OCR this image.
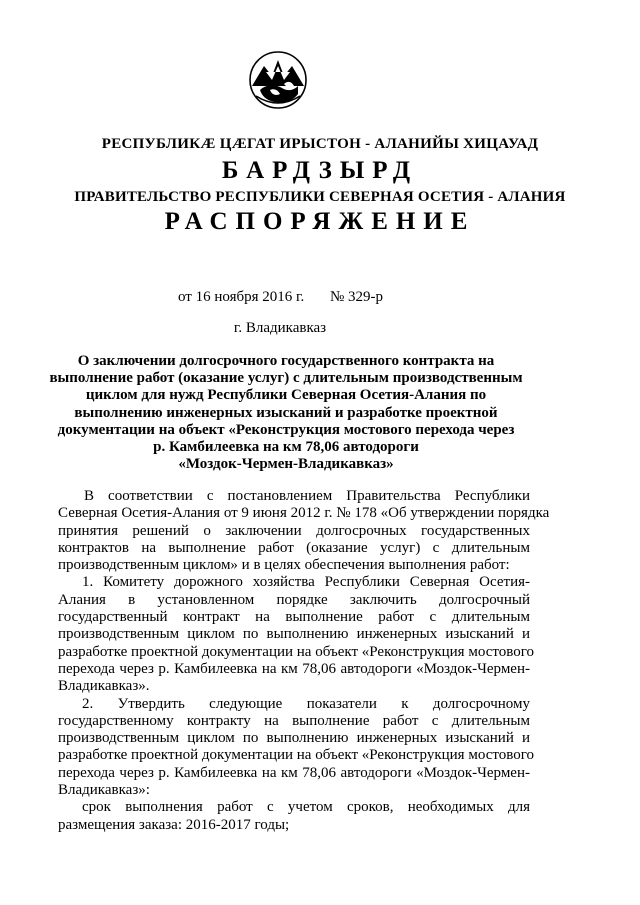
РЕСПУБЛИКÆ ЦÆГАТ ИРЫСТОН - АЛАНИЙЫ ХИЦАУАД
БАРДЗЫРД
ПРАВИТЕЛЬСТВО РЕСПУБЛИКИ СЕВЕРНАЯ ОСЕТИЯ - АЛАНИЯ
РАСПОРЯЖЕНИЕ
от 16 ноября 2016 г. № 329-р
г. Владикавказ
О заключении долгосрочного государственного контракта на
выполнение работ (оказание услуг) с длительным производственным
циклом для нужд Республики Северная Осетия-Алания по
выполнению инженерных изысканий и разработке проектной
документации на объект «Реконструкция мостового перехода через
р. Камбилеевка на км 78,06 автодороги
«Моздок-Чермен-Владикавказ»
В соответствии с постановлением Правительства Республики
Северная Осетия-Алания от 9 июня 2012 г. № 178 «Об утверждении порядка
принятия решений о заключении долгосрочных государственных
контрактов на выполнение работ (оказание услуг) с длительным
производственным циклом» и в целях обеспечения выполнения работ:
1. Комитету дорожного хозяйства Республики Северная Осетия-
Алания в установленном порядке заключить долгосрочный
государственный контракт на выполнение работ с длительным
производственным циклом по выполнению инженерных изысканий и
разработке проектной документации на объект «Реконструкция мостового
перехода через р. Камбилеевка на км 78,06 автодороги «Моздок-Чермен-
Владикавказ».
2. Утвердить следующие показатели к долгосрочному
государственному контракту на выполнение работ с длительным
производственным циклом по выполнению инженерных изысканий и
разработке проектной документации на объект «Реконструкция мостового
перехода через р. Камбилеевка на км 78,06 автодороги «Моздок-Чермен-
Владикавказ»:
срок выполнения работ с учетом сроков, необходимых для
размещения заказа: 2016-2017 годы;
